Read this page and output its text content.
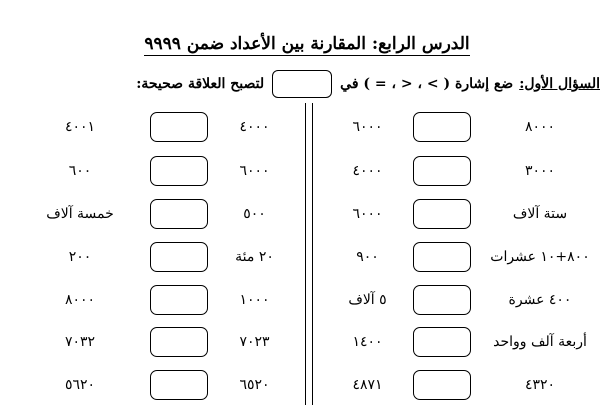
الدرس الرابع: المقارنة بين الأعداد ضمن ٩٩٩٩
السؤال الأول:
ضع إشارة ( > ، < ، = ) في
لتصبح العلاقة صحيحة:
٨٠٠٠
٦٠٠٠
٤٠٠٠
٤٠٠١
٣٠٠٠
٤٠٠٠
٦٠٠٠
٦٠٠
ستة آلاف
٦٠٠٠
٥٠٠
خمسة آلاف
٨٠٠+١٠ عشرات
٩٠٠
٢٠ مئة
٢٠٠
٤٠٠ عشرة
٥ آلاف
١٠٠٠
٨٠٠٠
أربعة آلف وواحد
١٤٠٠
٧٠٢٣
٧٠٣٢
٤٣٢٠
٤٨٧١
٦٥٢٠
٥٦٢٠
